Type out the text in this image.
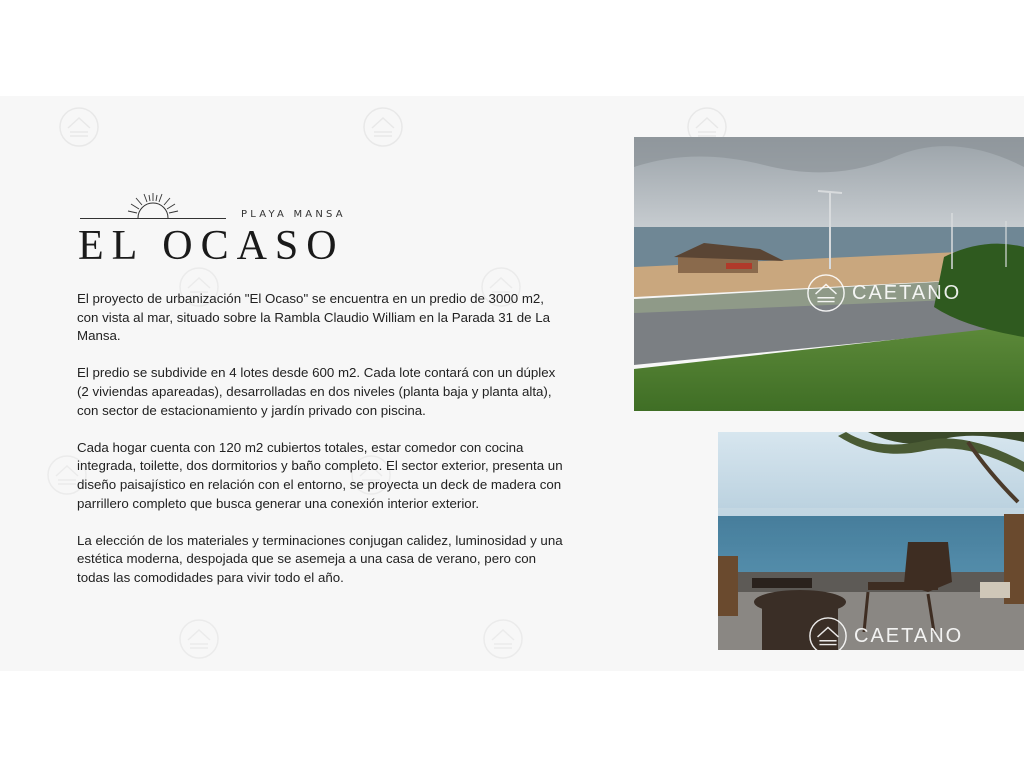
PLAYA MANSA
EL OCASO

El proyecto de urbanización "El Ocaso" se encuentra en un predio de 3000 m2, con vista al mar, situado sobre la Rambla Claudio William en la Parada 31 de La Mansa.

El predio se subdivide en 4 lotes desde 600 m2. Cada lote contará con un dúplex (2 viviendas apareadas), desarrolladas en dos niveles (planta baja y planta alta), con sector de estacionamiento y jardín privado con piscina.

Cada hogar cuenta con 120 m2 cubiertos totales, estar comedor con cocina integrada, toilette, dos dormitorios y baño completo. El sector exterior, presenta un diseño paisajístico en relación con el entorno, se proyecta un deck de madera con parrillero completo que busca generar una conexión interior exterior.

La elección de los materiales y terminaciones conjugan calidez, luminosidad y una estética moderna, despojada que se asemeja a una casa de verano, pero con todas las comodidades para vivir todo el año.

CAETANO
CAETANO
